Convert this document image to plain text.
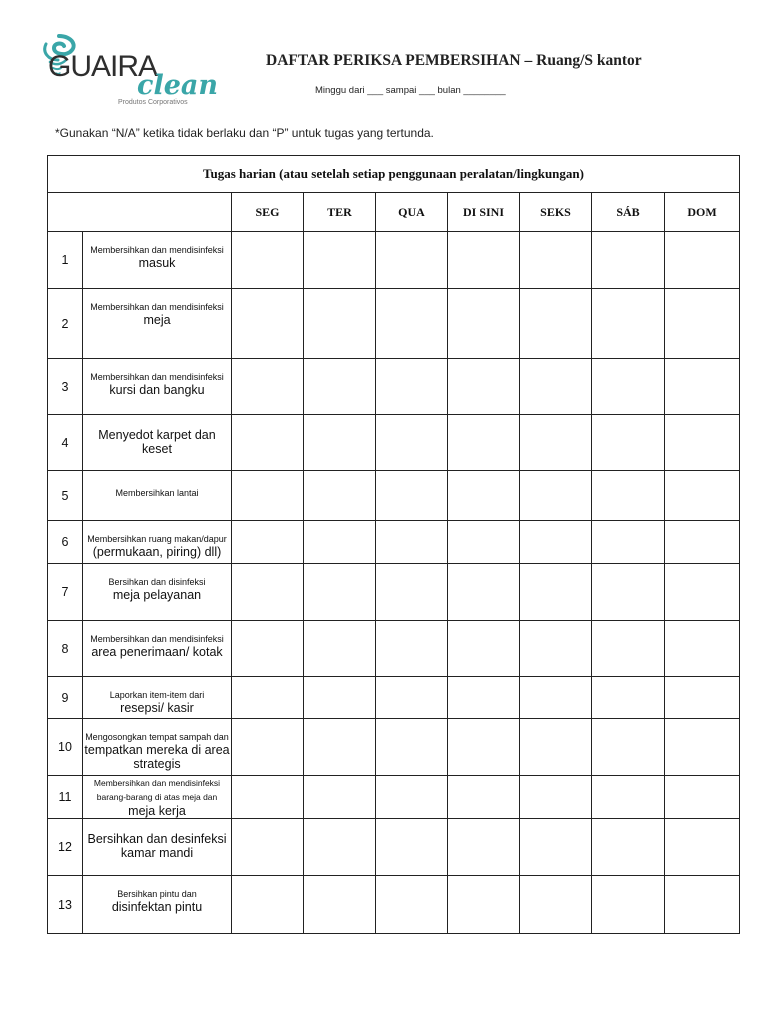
GUAIRA
clean
Produtos Corporativos
DAFTAR PERIKSA PEMBERSIHAN – Ruang/S kantor
Minggu dari ___ sampai ___ bulan ________
*Gunakan “N/A” ketika tidak berlaku dan “P” untuk tugas yang tertunda.
Tugas harian (atau setelah setiap penggunaan peralatan/lingkungan)								
		SEG	TER	QUA	DI SINI	SEKS	SÁB	DOM
1	Membersihkan dan mendisinfeksi
masuk							

2	Membersihkan dan mendisinfeksi
meja							

3	Membersihkan dan mendisinfeksi
kursi dan bangku							

4	Menyedot karpet dan
keset							

5	Membersihkan lantai							

6	Membersihkan ruang makan/dapur
(permukaan, piring) dll)							

7	Bersihkan dan disinfeksi
meja pelayanan							

8	Membersihkan dan mendisinfeksi
area penerimaan/ kotak							

9	Laporkan item-item dari
resepsi/ kasir							

10	Mengosongkan tempat sampah dan
tempatkan mereka di area strategis							

11	Membersihkan dan mendisinfeksi barang-barang di atas meja dan
meja kerja							

12	Bersihkan dan desinfeksi
kamar mandi							

13	Bersihkan pintu dan
disinfektan pintu							
